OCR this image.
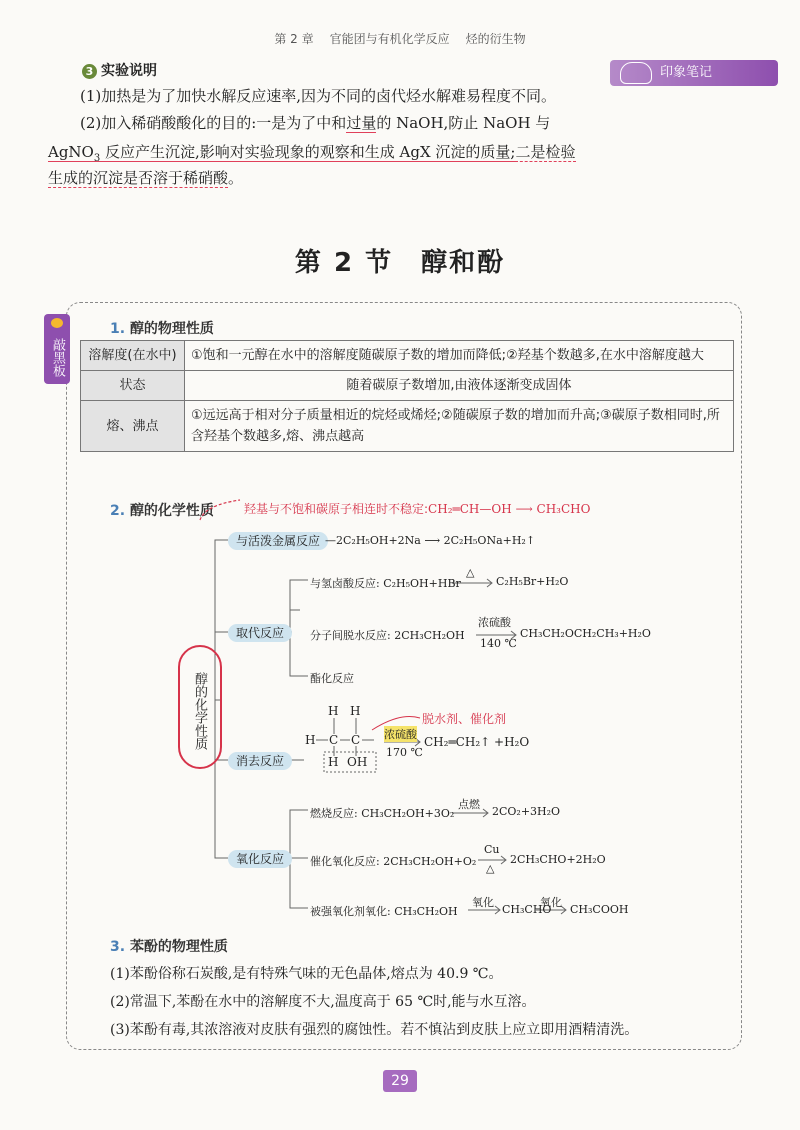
第 2 章 官能团与有机化学反应 烃的衍生物
印象笔记
3 实验说明
(1)加热是为了加快水解反应速率,因为不同的卤代烃水解难易程度不同。
(2)加入稀硝酸酸化的目的:一是为了中和过量的 NaOH,防止 NaOH 与
AgNO$_3$ 反应产生沉淀,影响对实验现象的观察和生成 AgX 沉淀的质量;二是检验
生成的沉淀是否溶于稀硝酸。
第 2 节 醇和酚
敲黑板
1. 醇的物理性质
溶解度(在水中)	①饱和一元醇在水中的溶解度随碳原子数的增加而降低;②羟基个数越多,在水中溶解度越大
状态	随着碳原子数增加,由液体逐渐变成固体
熔、沸点	①远远高于相对分子质量相近的烷烃或烯烃;②随碳原子数的增加而升高;③碳原子数相同时,所含羟基个数越多,熔、沸点越高
2. 醇的化学性质	羟基与不饱和碳原子相连时不稳定:CH₂═CH—OH ⟶ CH₃CHO
醇的化学性质
与活泼金属反应 —2C₂H₅OH+2Na ⟶ 2C₂H₅ONa+H₂↑
取代反应
与氢卤酸反应: C₂H₅OH+HBr
△
C₂H₅Br+H₂O
分子间脱水反应: 2CH₃CH₂OH
浓硫酸
140 ℃
CH₃CH₂OCH₂CH₃+H₂O
酯化反应
消去反应
H H
H C C
H OH
浓硫酸
170 ℃
CH₂═CH₂↑ +H₂O
脱水剂、催化剂
氧化反应
燃烧反应: CH₃CH₂OH+3O₂
点燃
2CO₂+3H₂O
催化氧化反应: 2CH₃CH₂OH+O₂
Cu
△
2CH₃CHO+2H₂O
被强氧化剂氧化: CH₃CH₂OH
氧化
CH₃CHO
氧化
CH₃COOH
3. 苯酚的物理性质
(1)苯酚俗称石炭酸,是有特殊气味的无色晶体,熔点为 40.9 ℃。
(2)常温下,苯酚在水中的溶解度不大,温度高于 65 ℃时,能与水互溶。
(3)苯酚有毒,其浓溶液对皮肤有强烈的腐蚀性。若不慎沾到皮肤上应立即用酒精清洗。
29
